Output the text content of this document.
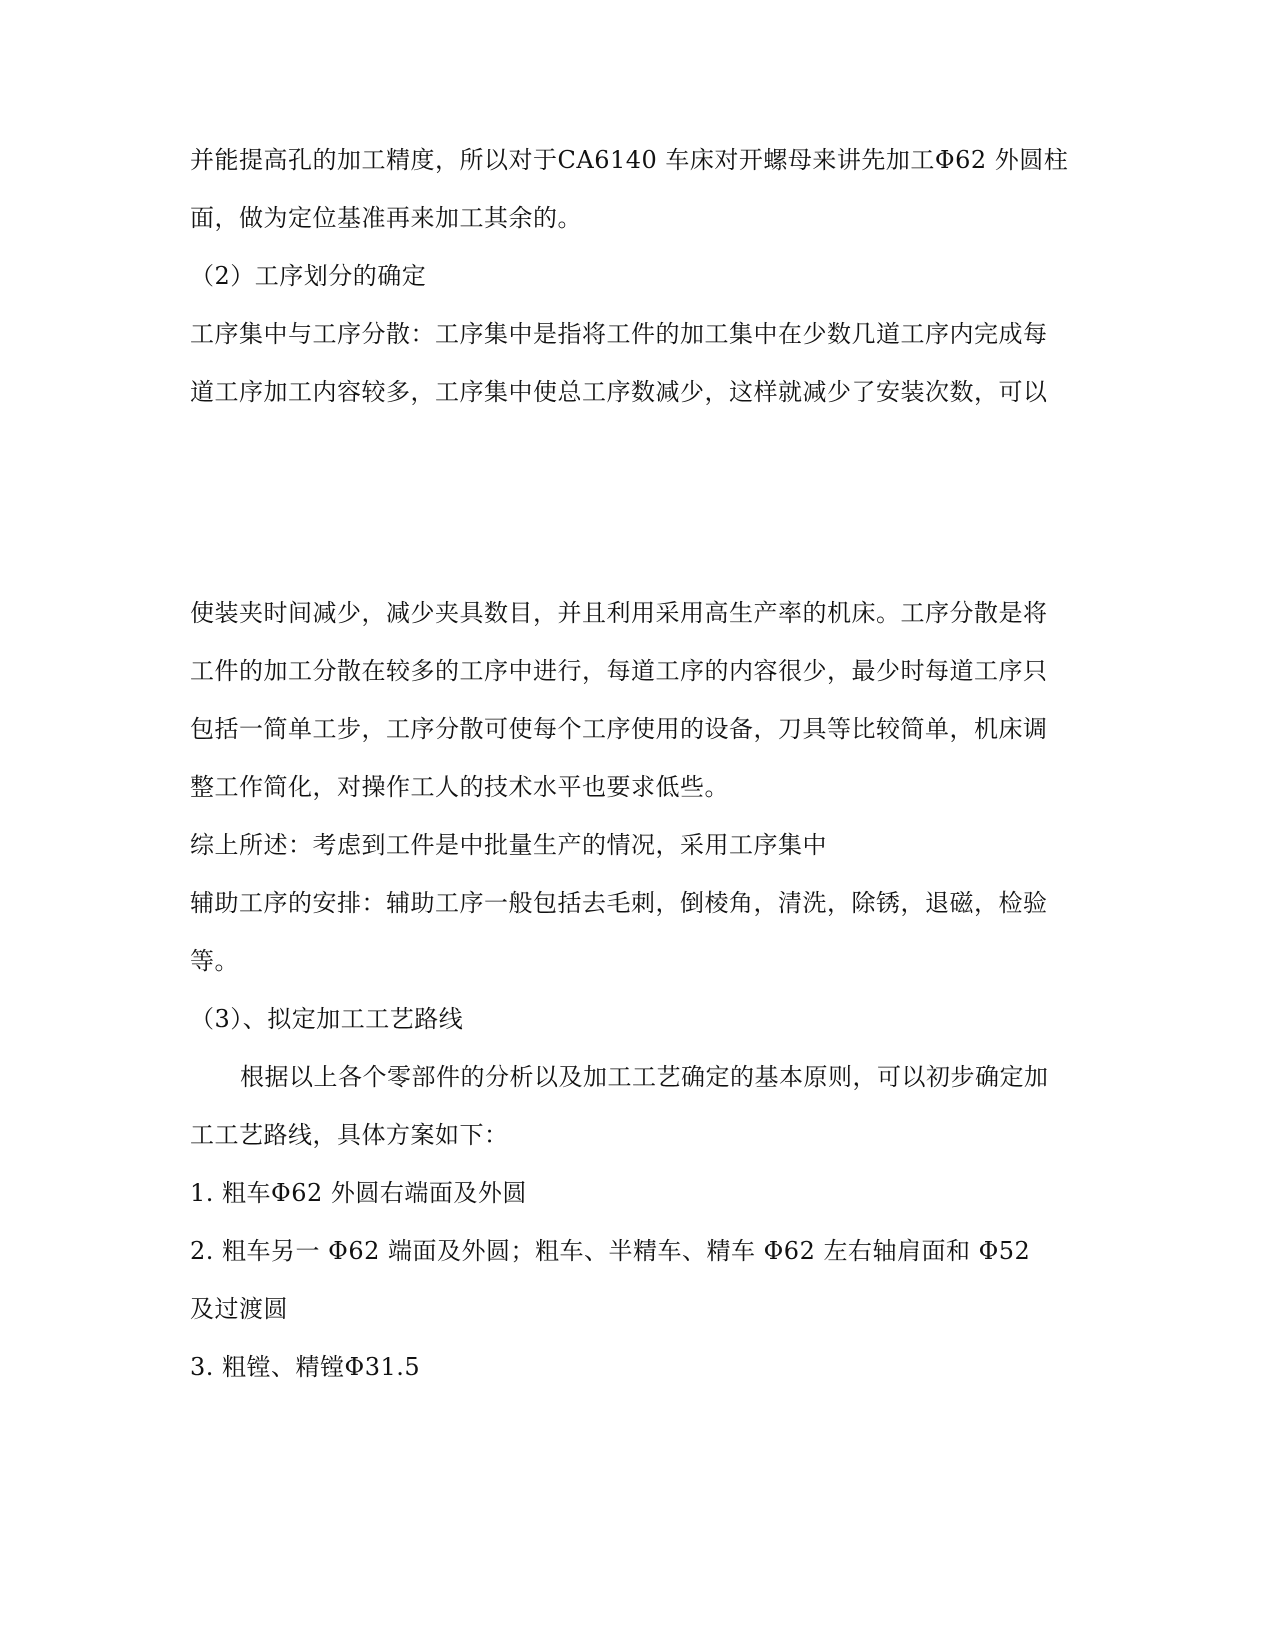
并能提高孔的加工精度，所以对于CA6140 车床对开螺母来讲先加工Φ62 外圆柱
面，做为定位基准再来加工其余的。
（2）工序划分的确定
工序集中与工序分散：工序集中是指将工件的加工集中在少数几道工序内完成每
道工序加工内容较多，工序集中使总工序数减少，这样就减少了安装次数，可以
使装夹时间减少，减少夹具数目，并且利用采用高生产率的机床。工序分散是将
工件的加工分散在较多的工序中进行，每道工序的内容很少，最少时每道工序只
包括一简单工步，工序分散可使每个工序使用的设备，刀具等比较简单，机床调
整工作简化，对操作工人的技术水平也要求低些。
综上所述：考虑到工件是中批量生产的情况，采用工序集中
辅助工序的安排：辅助工序一般包括去毛刺，倒棱角，清洗，除锈，退磁，检验
等。
（3）、拟定加工工艺路线
根据以上各个零部件的分析以及加工工艺确定的基本原则，可以初步确定加
工工艺路线，具体方案如下：
1. 粗车Φ62 外圆右端面及外圆
2. 粗车另一 Φ62 端面及外圆；粗车、半精车、精车 Φ62 左右轴肩面和 Φ52
及过渡圆
3. 粗镗、精镗Φ31.5
